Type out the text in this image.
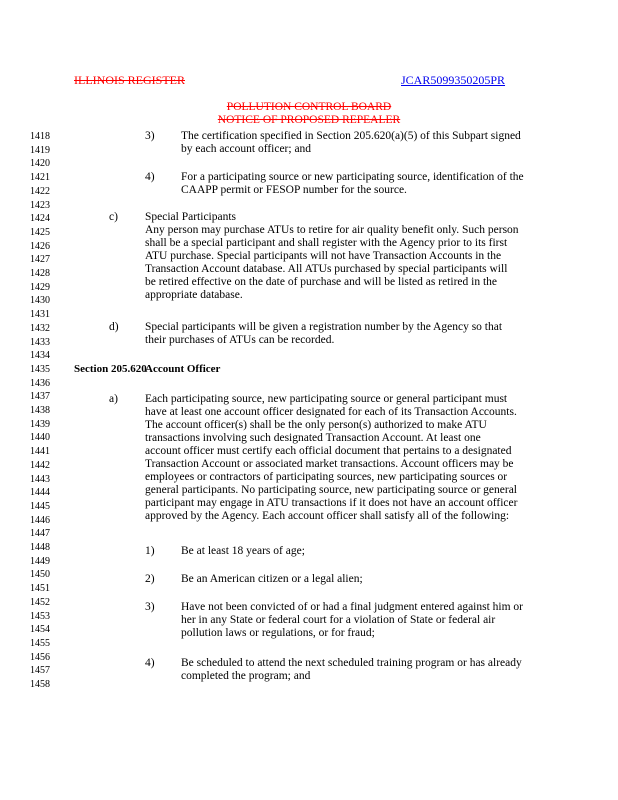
ILLINOIS REGISTER	JCAR5099350205PR
POLLUTION CONTROL BOARD
NOTICE OF PROPOSED REPEALER
1418
1419
1420
1421
1422
1423
1424
1425
1426
1427
1428
1429
1430
1431
1432
1433
1434
1435
1436
1437
1438
1439
1440
1441
1442
1443
1444
1445
1446
1447
1448
1449
1450
1451
1452
1453
1454
1455
1456
1457
1458
3) The certification specified in Section 205.620(a)(5) of this Subpart signed
by each account officer; and
4) For a participating source or new participating source, identification of the
CAAPP permit or FESOP number for the source.
c) Special Participants
Any person may purchase ATUs to retire for air quality benefit only. Such person
shall be a special participant and shall register with the Agency prior to its first
ATU purchase. Special participants will not have Transaction Accounts in the
Transaction Account database. All ATUs purchased by special participants will
be retired effective on the date of purchase and will be listed as retired in the
appropriate database.
d) Special participants will be given a registration number by the Agency so that
their purchases of ATUs can be recorded.
Section 205.620
Account Officer
a) Each participating source, new participating source or general participant must
have at least one account officer designated for each of its Transaction Accounts.
The account officer(s) shall be the only person(s) authorized to make ATU
transactions involving such designated Transaction Account. At least one
account officer must certify each official document that pertains to a designated
Transaction Account or associated market transactions. Account officers may be
employees or contractors of participating sources, new participating sources or
general participants. No participating source, new participating source or general
participant may engage in ATU transactions if it does not have an account officer
approved by the Agency. Each account officer shall satisfy all of the following:
1) Be at least 18 years of age;
2) Be an American citizen or a legal alien;
3) Have not been convicted of or had a final judgment entered against him or
her in any State or federal court for a violation of State or federal air
pollution laws or regulations, or for fraud;
4) Be scheduled to attend the next scheduled training program or has already
completed the program; and
